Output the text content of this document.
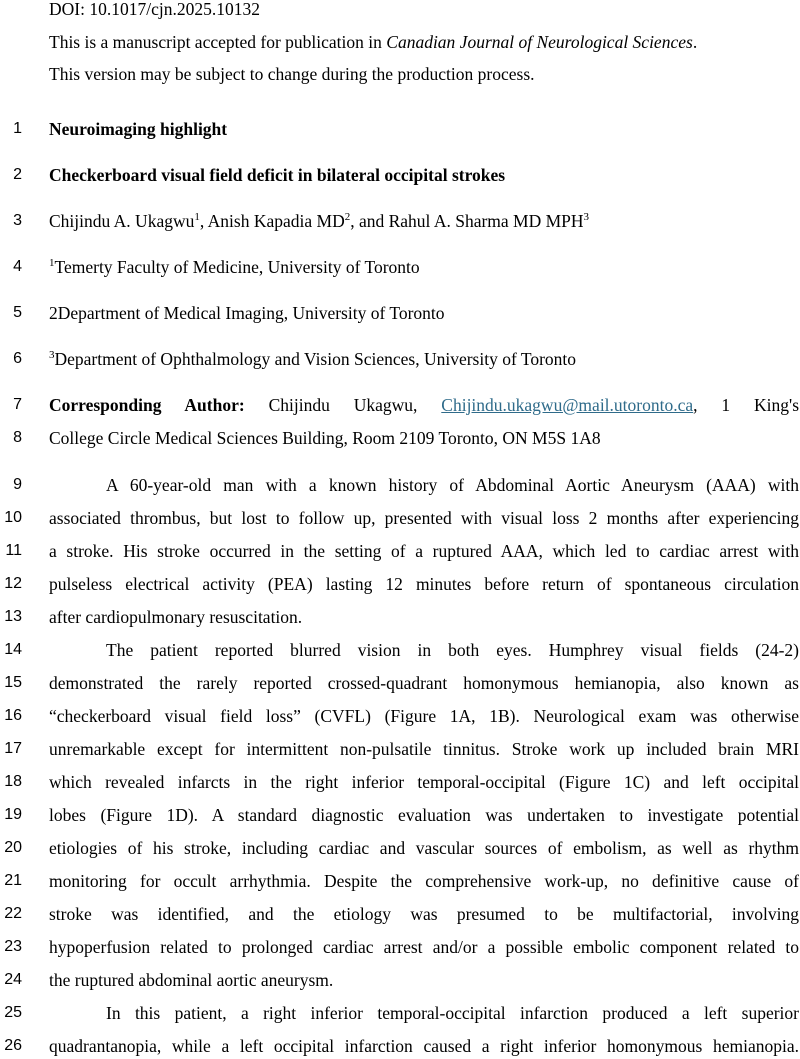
DOI: 10.1017/cjn.2025.10132
This is a manuscript accepted for publication in Canadian Journal of Neurological Sciences.
This version may be subject to change during the production process.
1
2
3
4
5
6
7
8
9
10
11
12
13
14
15
16
17
18
19
20
21
22
23
24
25
26
Neuroimaging highlight
Checkerboard visual field deficit in bilateral occipital strokes
Chijindu A. Ukagwu$^1$, Anish Kapadia $MD^2$, and Rahul A. Sharma MD MPH$^3$
$^1$Temerty Faculty of Medicine, University of Toronto
2Department of Medical Imaging, University of Toronto
$^3$Department of Ophthalmology and Vision Sciences, University of Toronto
Corresponding Author: Chijindu Ukagwu, Chijindu.ukagwu@mail.utoronto.ca, 1 King's
College Circle Medical Sciences Building, Room 2109 Toronto, ON M5S 1A8
A 60-year-old man with a known history of Abdominal Aortic Aneurysm (AAA) with
associated thrombus, but lost to follow up, presented with visual loss 2 months after experiencing
a stroke. His stroke occurred in the setting of a ruptured AAA, which led to cardiac arrest with
pulseless electrical activity (PEA) lasting 12 minutes before return of spontaneous circulation
after cardiopulmonary resuscitation.
The patient reported blurred vision in both eyes. Humphrey visual fields (24-2)
demonstrated the rarely reported crossed-quadrant homonymous hemianopia, also known as
“checkerboard visual field loss” (CVFL) (Figure 1A, 1B). Neurological exam was otherwise
unremarkable except for intermittent non-pulsatile tinnitus. Stroke work up included brain MRI
which revealed infarcts in the right inferior temporal-occipital (Figure 1C) and left occipital
lobes (Figure 1D). A standard diagnostic evaluation was undertaken to investigate potential
etiologies of his stroke, including cardiac and vascular sources of embolism, as well as rhythm
monitoring for occult arrhythmia. Despite the comprehensive work-up, no definitive cause of
stroke was identified, and the etiology was presumed to be multifactorial, involving
hypoperfusion related to prolonged cardiac arrest and/or a possible embolic component related to
the ruptured abdominal aortic aneurysm.
In this patient, a right inferior temporal-occipital infarction produced a left superior
quadrantanopia, while a left occipital infarction caused a right inferior homonymous hemianopia.
